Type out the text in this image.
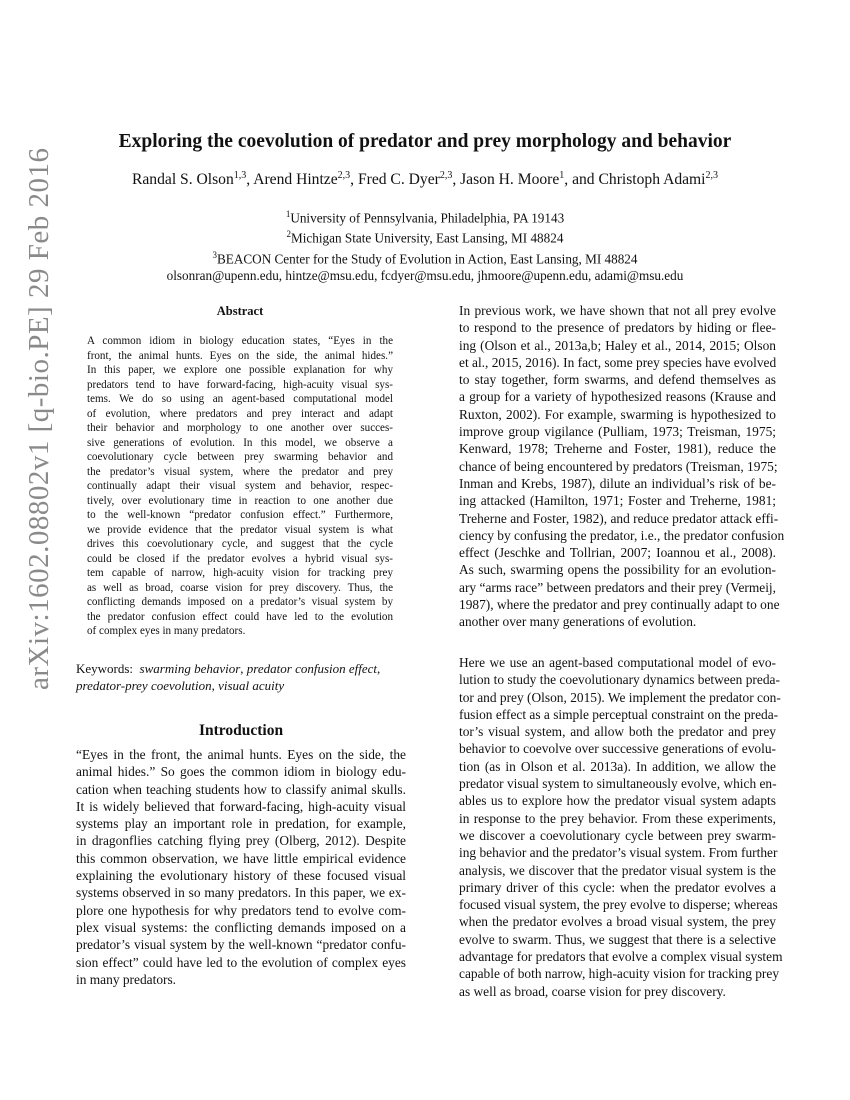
arXiv:1602.08802v1 [q-bio.PE] 29 Feb 2016
Exploring the coevolution of predator and prey morphology and behavior
Randal S. Olson$^{1,3}$, Arend Hintze$^{2,3}$, Fred C. Dyer$^{2,3}$, Jason H. Moore$^1$, and Christoph Adami$^{2,3}$
$^1$University of Pennsylvania, Philadelphia, PA 19143
$^2$Michigan State University, East Lansing, MI 48824
$^3$BEACON Center for the Study of Evolution in Action, East Lansing, MI 48824
olsonran@upenn.edu, hintze@msu.edu, fcdyer@msu.edu, jhmoore@upenn.edu, adami@msu.edu
Abstract
A common idiom in biology education states, “Eyes in the
front, the animal hunts. Eyes on the side, the animal hides.”
In this paper, we explore one possible explanation for why
predators tend to have forward-facing, high-acuity visual sys-
tems. We do so using an agent-based computational model
of evolution, where predators and prey interact and adapt
their behavior and morphology to one another over succes-
sive generations of evolution. In this model, we observe a
coevolutionary cycle between prey swarming behavior and
the predator’s visual system, where the predator and prey
continually adapt their visual system and behavior, respec-
tively, over evolutionary time in reaction to one another due
to the well-known “predator confusion effect.” Furthermore,
we provide evidence that the predator visual system is what
drives this coevolutionary cycle, and suggest that the cycle
could be closed if the predator evolves a hybrid visual sys-
tem capable of narrow, high-acuity vision for tracking prey
as well as broad, coarse vision for prey discovery. Thus, the
conflicting demands imposed on a predator’s visual system by
the predator confusion effect could have led to the evolution
of complex eyes in many predators.
Keywords: swarming behavior, predator confusion effect,
predator-prey coevolution, visual acuity
Introduction
“Eyes in the front, the animal hunts. Eyes on the side, the
animal hides.” So goes the common idiom in biology edu-
cation when teaching students how to classify animal skulls.
It is widely believed that forward-facing, high-acuity visual
systems play an important role in predation, for example,
in dragonflies catching flying prey (Olberg, 2012). Despite
this common observation, we have little empirical evidence
explaining the evolutionary history of these focused visual
systems observed in so many predators. In this paper, we ex-
plore one hypothesis for why predators tend to evolve com-
plex visual systems: the conflicting demands imposed on a
predator’s visual system by the well-known “predator confu-
sion effect” could have led to the evolution of complex eyes
in many predators.
In previous work, we have shown that not all prey evolve
to respond to the presence of predators by hiding or flee-
ing (Olson et al., 2013a,b; Haley et al., 2014, 2015; Olson
et al., 2015, 2016). In fact, some prey species have evolved
to stay together, form swarms, and defend themselves as
a group for a variety of hypothesized reasons (Krause and
Ruxton, 2002). For example, swarming is hypothesized to
improve group vigilance (Pulliam, 1973; Treisman, 1975;
Kenward, 1978; Treherne and Foster, 1981), reduce the
chance of being encountered by predators (Treisman, 1975;
Inman and Krebs, 1987), dilute an individual’s risk of be-
ing attacked (Hamilton, 1971; Foster and Treherne, 1981;
Treherne and Foster, 1982), and reduce predator attack effi-
ciency by confusing the predator, i.e., the predator confusion
effect (Jeschke and Tollrian, 2007; Ioannou et al., 2008).
As such, swarming opens the possibility for an evolution-
ary “arms race” between predators and their prey (Vermeij,
1987), where the predator and prey continually adapt to one
another over many generations of evolution.
Here we use an agent-based computational model of evo-
lution to study the coevolutionary dynamics between preda-
tor and prey (Olson, 2015). We implement the predator con-
fusion effect as a simple perceptual constraint on the preda-
tor’s visual system, and allow both the predator and prey
behavior to coevolve over successive generations of evolu-
tion (as in Olson et al. 2013a). In addition, we allow the
predator visual system to simultaneously evolve, which en-
ables us to explore how the predator visual system adapts
in response to the prey behavior. From these experiments,
we discover a coevolutionary cycle between prey swarm-
ing behavior and the predator’s visual system. From further
analysis, we discover that the predator visual system is the
primary driver of this cycle: when the predator evolves a
focused visual system, the prey evolve to disperse; whereas
when the predator evolves a broad visual system, the prey
evolve to swarm. Thus, we suggest that there is a selective
advantage for predators that evolve a complex visual system
capable of both narrow, high-acuity vision for tracking prey
as well as broad, coarse vision for prey discovery.
